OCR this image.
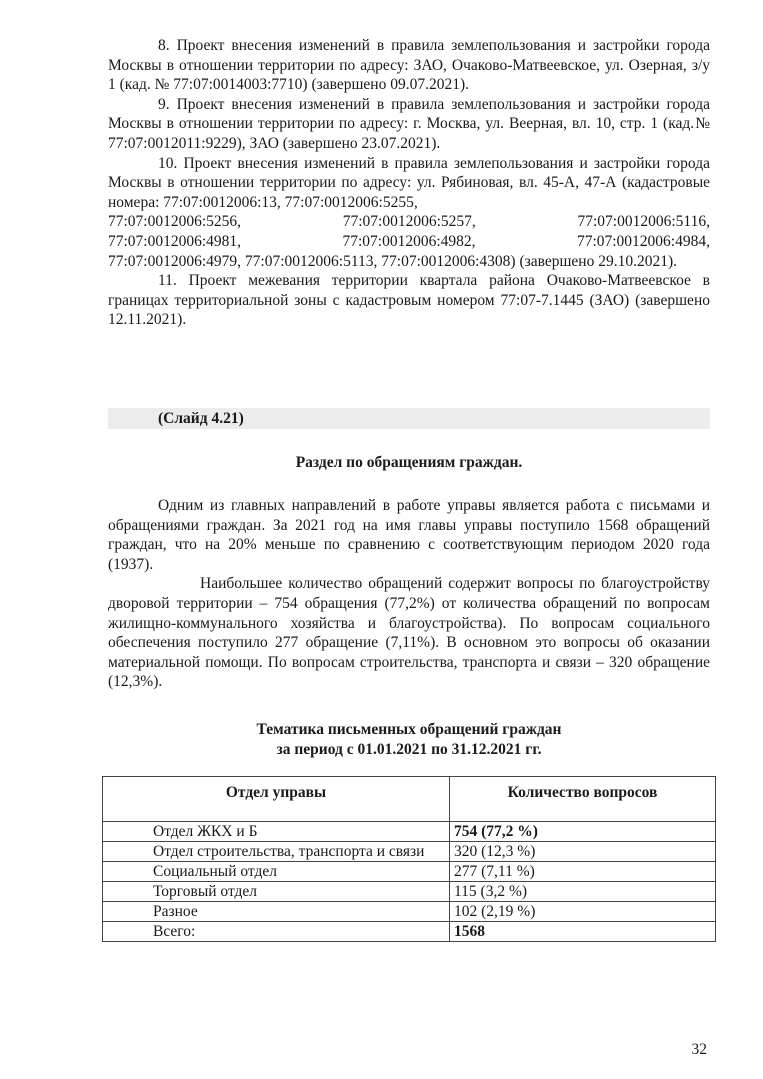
8. Проект внесения изменений в правила землепользования и застройки города Москвы в отношении территории по адресу: ЗАО, Очаково-Матвеевское, ул. Озерная, з/у 1 (кад. № 77:07:0014003:7710) (завершено 09.07.2021).

9. Проект внесения изменений в правила землепользования и застройки города Москвы в отношении территории по адресу: г. Москва, ул. Веерная, вл. 10, стр. 1 (кад.№ 77:07:0012011:9229), ЗАО (завершено 23.07.2021).

10. Проект внесения изменений в правила землепользования и застройки города Москвы в отношении территории по адресу: ул. Рябиновая, вл. 45-А, 47-А (кадастровые номера: 77:07:0012006:13, 77:07:0012006:5255,

77:07:0012006:5256,	77:07:0012006:5257,	77:07:0012006:5116,
77:07:0012006:4981,	77:07:0012006:4982,	77:07:0012006:4984,

77:07:0012006:4979, 77:07:0012006:5113, 77:07:0012006:4308) (завершено 29.10.2021).

11. Проект межевания территории квартала района Очаково-Матвеевское в границах территориальной зоны с кадастровым номером 77:07-7.1445 (ЗАО) (завершено 12.11.2021).

(Слайд 4.21)
Раздел по обращениям граждан.

Одним из главных направлений в работе управы является работа с письмами и обращениями граждан. За 2021 год на имя главы управы поступило 1568 обращений граждан, что на 20% меньше по сравнению с соответствующим периодом 2020 года (1937).

Наибольшее количество обращений содержит вопросы по благоустройству дворовой территории – 754 обращения (77,2%) от количества обращений по вопросам жилищно-коммунального хозяйства и благоустройства). По вопросам социального обеспечения поступило 277 обращение (7,11%). В основном это вопросы об оказании материальной помощи. По вопросам строительства, транспорта и связи – 320 обращение (12,3%).

Тематика письменных обращений граждан
за период с 01.01.2021 по 31.12.2021 гг.
Отдел управы	Количество вопросов
Отдел ЖКХ и Б	754 (77,2 %)
Отдел строительства, транспорта и связи	320 (12,3 %)
Социальный отдел	277 (7,11 %)
Торговый отдел	115 (3,2 %)
Разное	102 (2,19 %)
Всего:	1568
32
